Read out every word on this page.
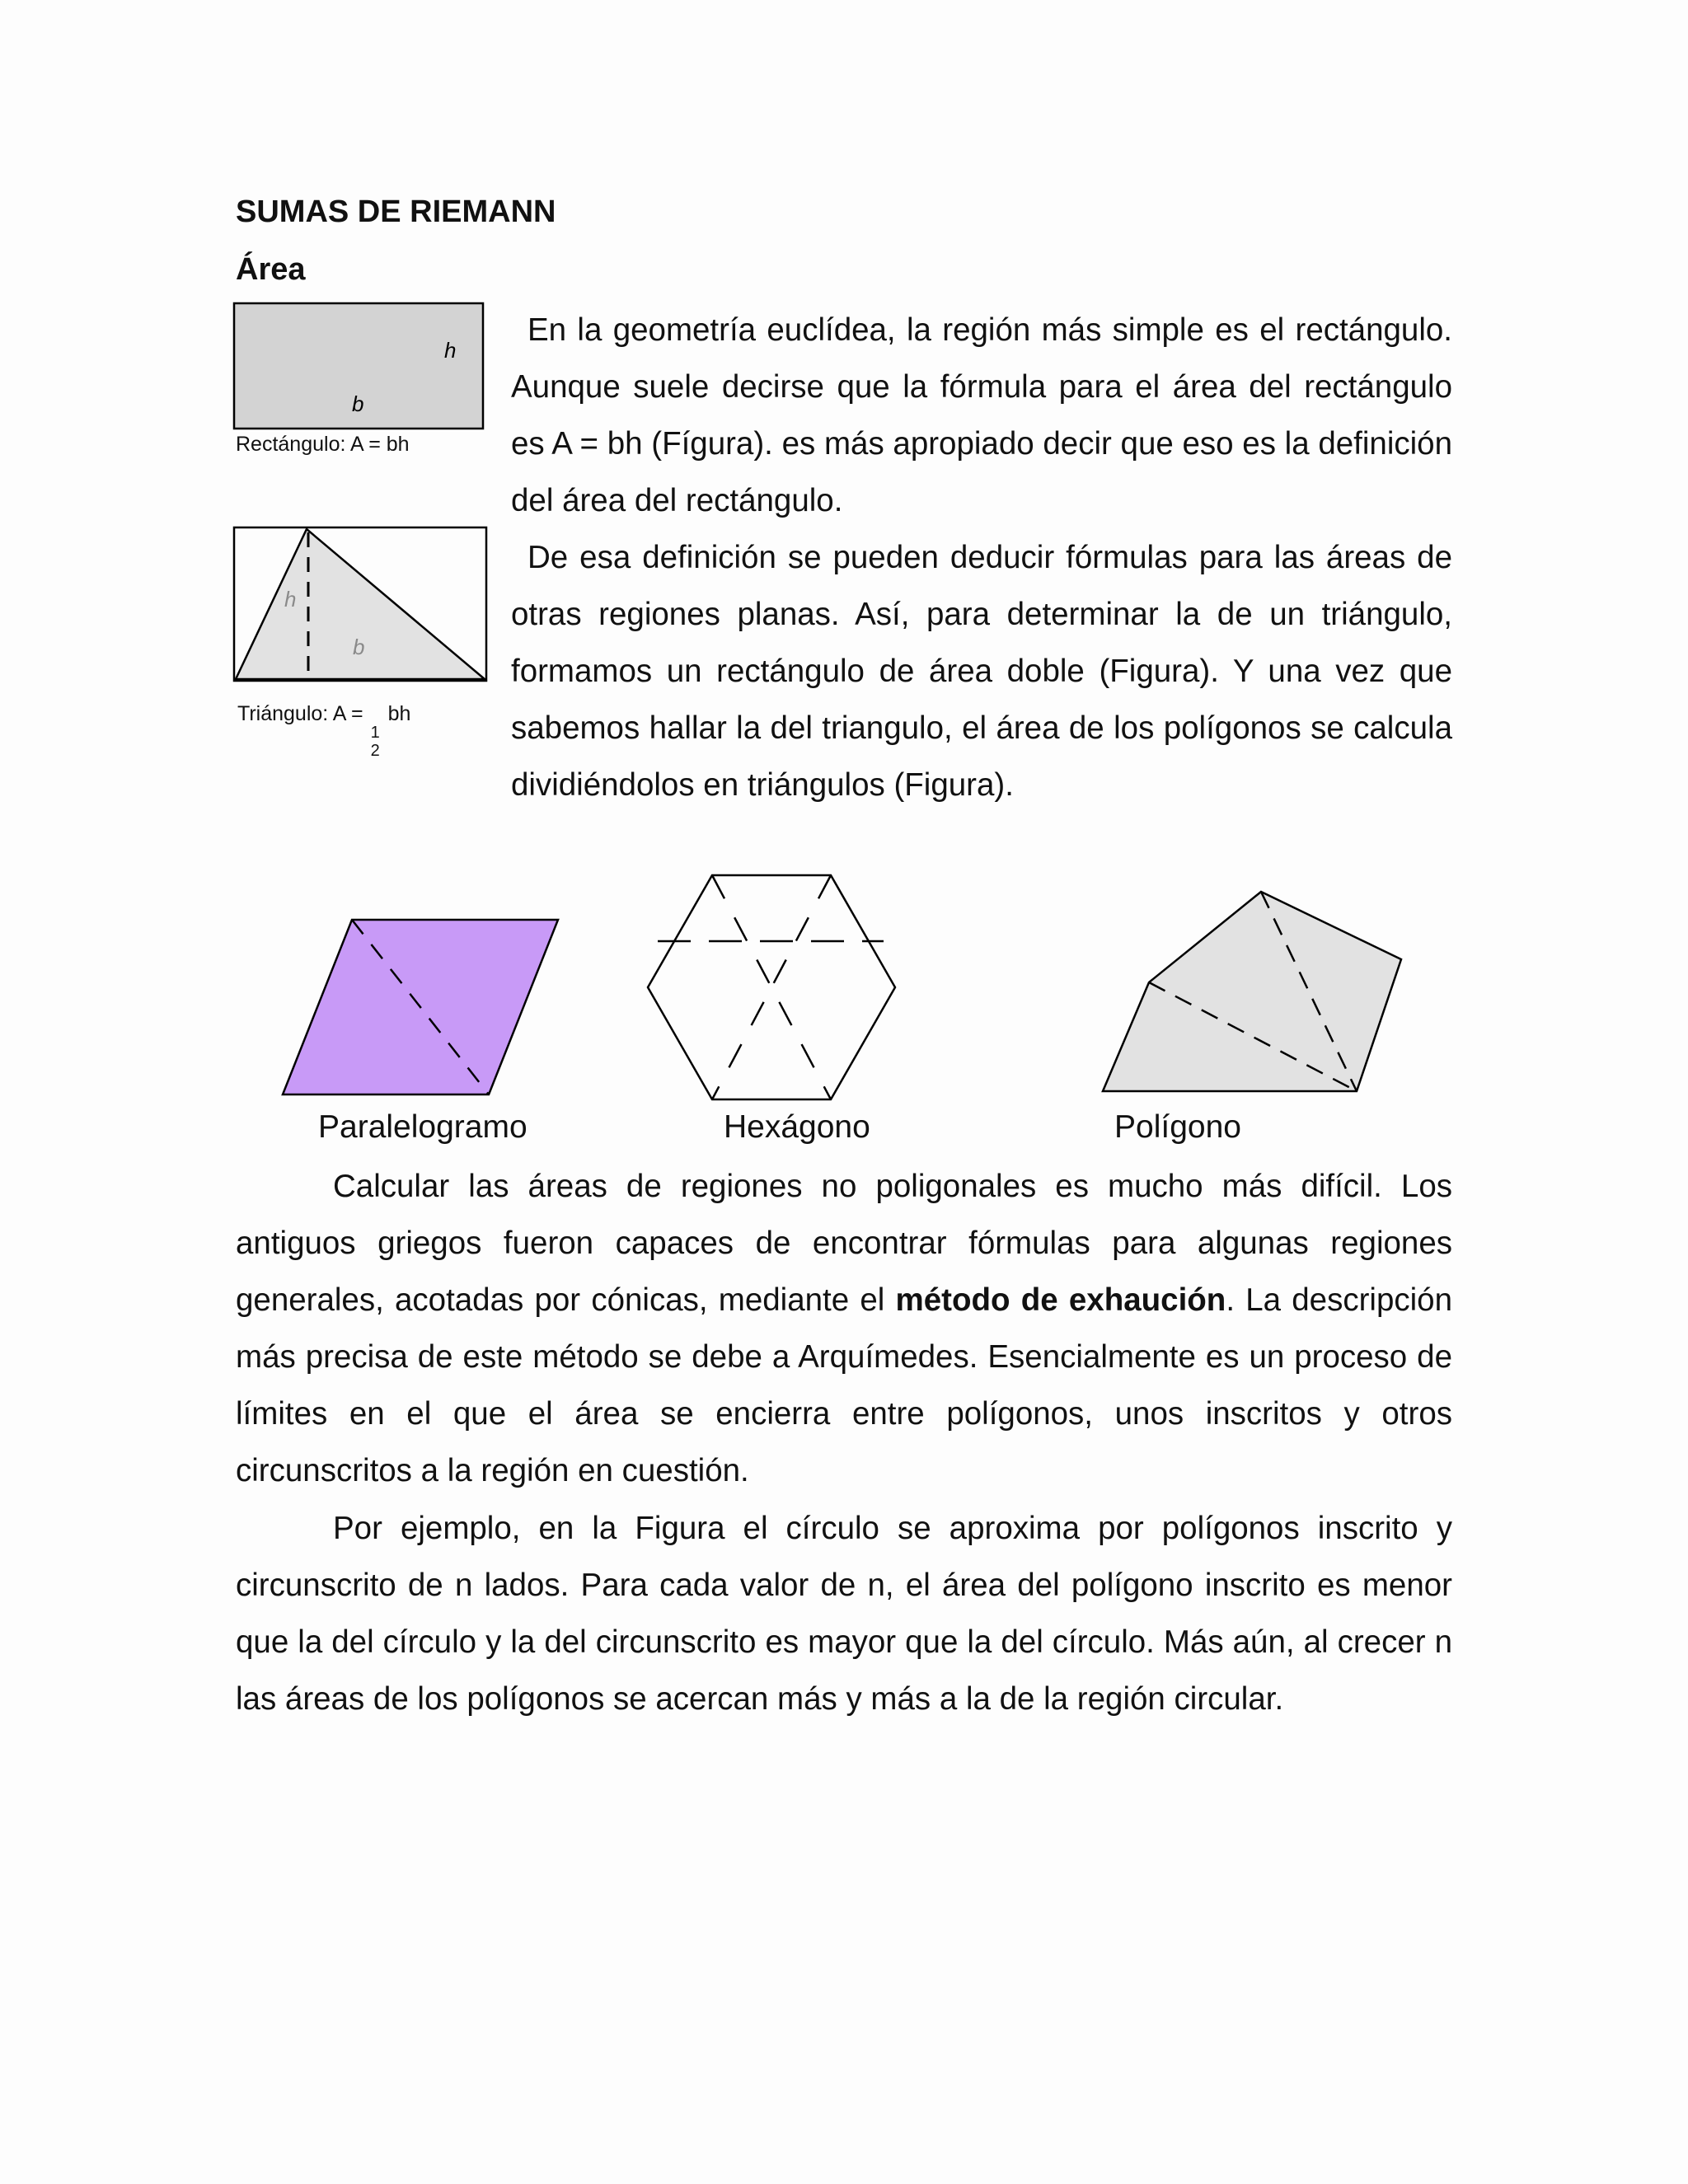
SUMAS DE RIEMANN
Área
h
b
Rectángulo: A = bh
h
b
Triángulo: A =
1
2
bh

En la geometría euclídea, la región más simple es el rectángulo. Aunque suele decirse que la fórmula para el área del rectángulo es A = bh (Fígura). es más apropiado decir que eso es la definición del área del rectángulo.

De esa definición se pueden deducir fórmulas para las áreas de otras regiones planas. Así, para determinar la de un triángulo, formamos un rectángulo de área doble (Figura). Y una vez que sabemos hallar la del triangulo, el área de los polígonos se calcula dividiéndolos en triángulos (Figura).

Paralelogramo	Hexágono	Polígono

Calcular las áreas de regiones no poligonales es mucho más difícil. Los antiguos griegos fueron capaces de encontrar fórmulas para algunas regiones generales, acotadas por cónicas, mediante el método de exhaución. La descripción más precisa de este método se debe a Arquímedes. Esencialmente es un proceso de límites en el que el área se encierra entre polígonos, unos inscritos y otros circunscritos a la región en cuestión.

Por ejemplo, en la Figura el círculo se aproxima por polígonos inscrito y circunscrito de n lados. Para cada valor de n, el área del polígono inscrito es menor que la del círculo y la del circunscrito es mayor que la del círculo. Más aún, al crecer n las áreas de los polígonos se acercan más y más a la de la región circular.
